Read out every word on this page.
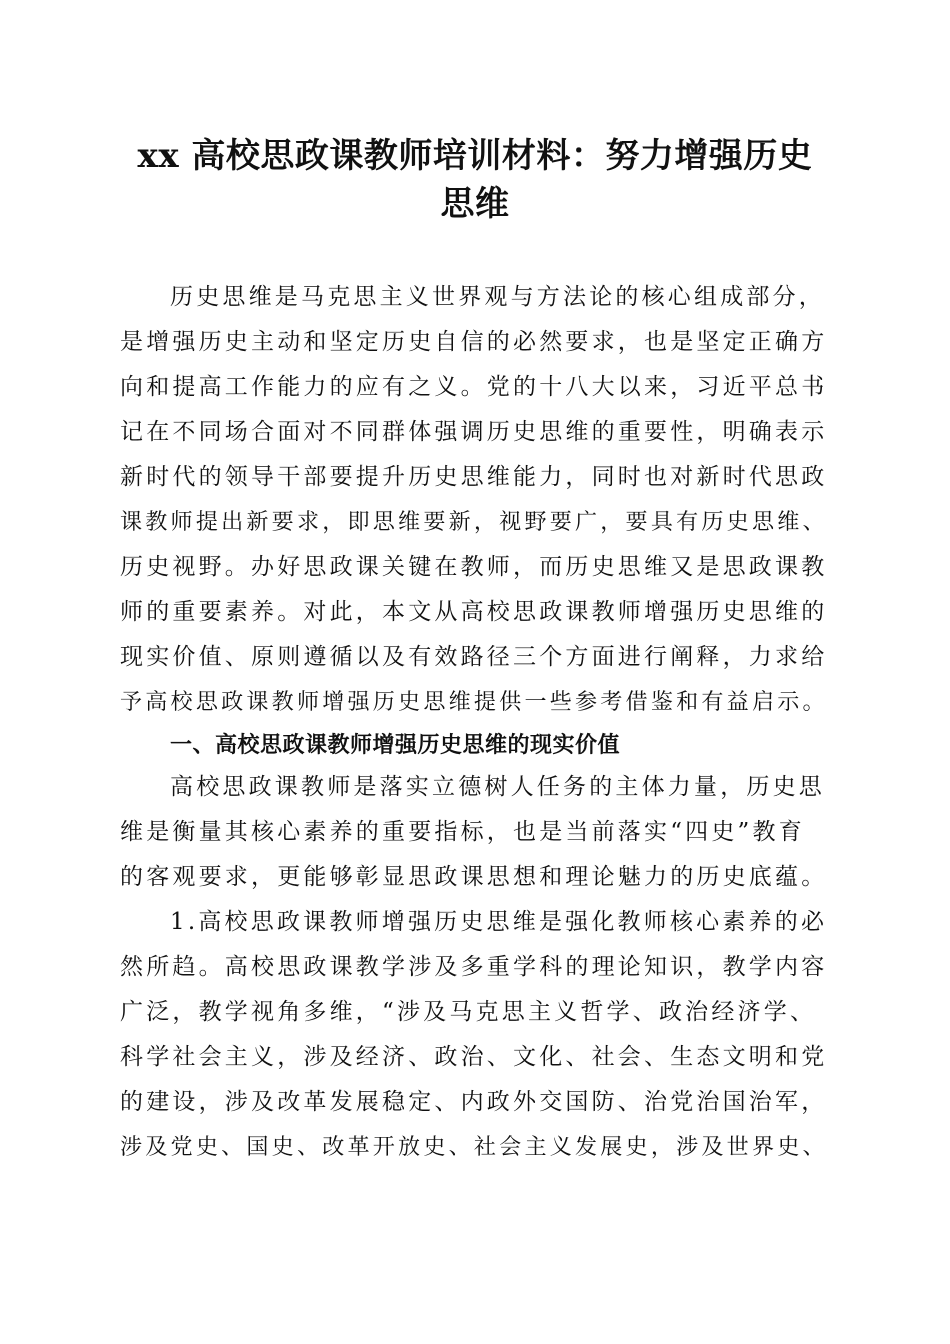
xx 高校思政课教师培训材料：努力增强历史
思维
历史思维是马克思主义世界观与方法论的核心组成部分，
是增强历史主动和坚定历史自信的必然要求，也是坚定正确方
向和提高工作能力的应有之义。党的十八大以来，习近平总书
记在不同场合面对不同群体强调历史思维的重要性，明确表示
新时代的领导干部要提升历史思维能力，同时也对新时代思政
课教师提出新要求，即思维要新，视野要广，要具有历史思维、
历史视野。办好思政课关键在教师，而历史思维又是思政课教
师的重要素养。对此，本文从高校思政课教师增强历史思维的
现实价值、原则遵循以及有效路径三个方面进行阐释，力求给
予高校思政课教师增强历史思维提供一些参考借鉴和有益启示。
一、高校思政课教师增强历史思维的现实价值
高校思政课教师是落实立德树人任务的主体力量，历史思
维是衡量其核心素养的重要指标，也是当前落实“四史”教育
的客观要求，更能够彰显思政课思想和理论魅力的历史底蕴。
1.高校思政课教师增强历史思维是强化教师核心素养的必
然所趋。高校思政课教学涉及多重学科的理论知识，教学内容
广泛，教学视角多维，“涉及马克思主义哲学、政治经济学、
科学社会主义，涉及经济、政治、文化、社会、生态文明和党
的建设，涉及改革发展稳定、内政外交国防、治党治国治军，
涉及党史、国史、改革开放史、社会主义发展史，涉及世界史、
